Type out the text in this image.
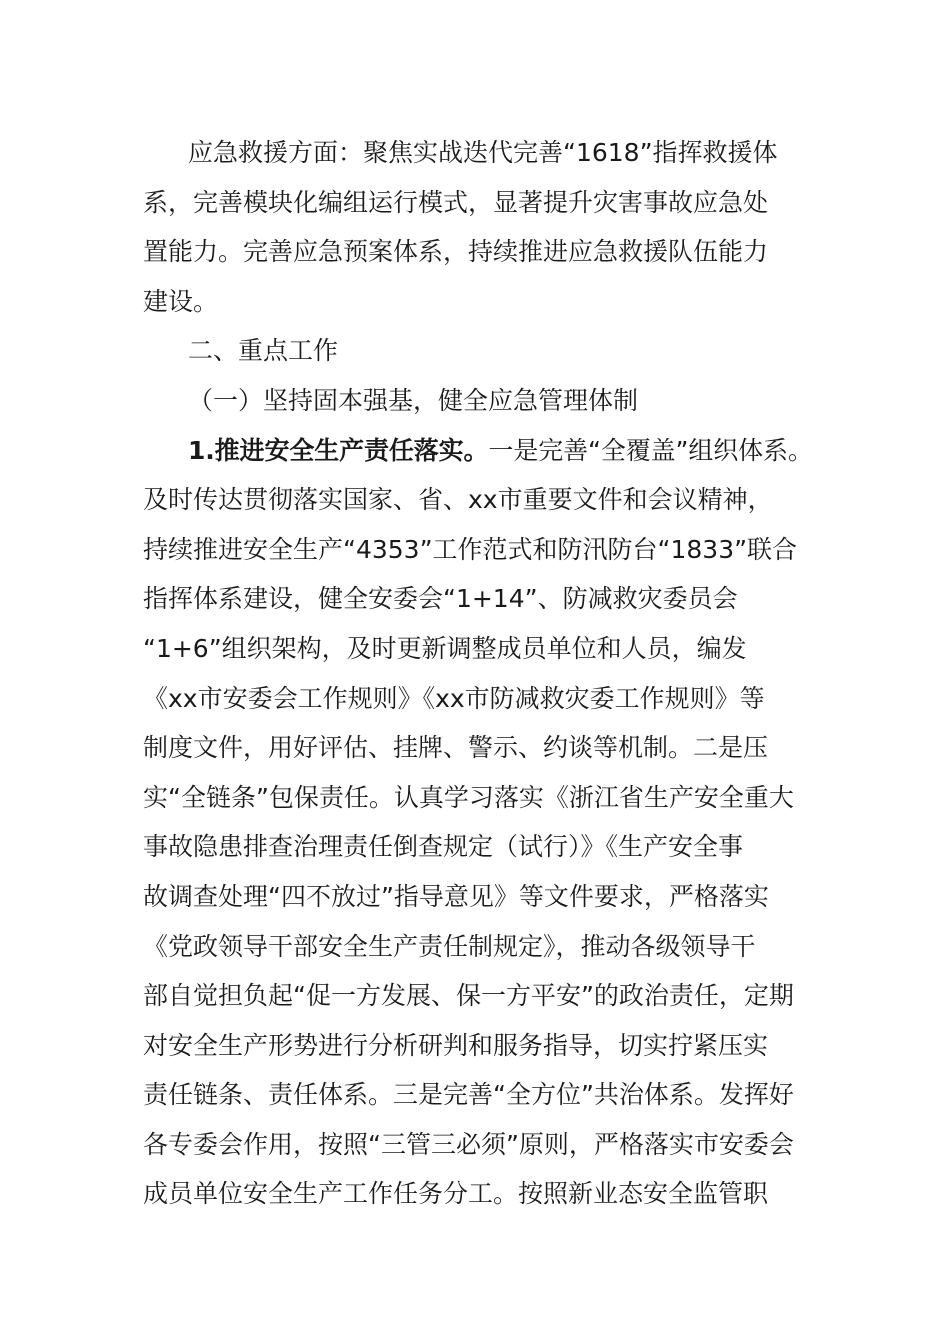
应急救援方面：聚焦实战迭代完善“1618”指挥救援体
系，完善模块化编组运行模式，显著提升灾害事故应急处
置能力。完善应急预案体系，持续推进应急救援队伍能力
建设。
二、重点工作
（一）坚持固本强基，健全应急管理体制
1.推进安全生产责任落实。一是完善“全覆盖”组织体系。
及时传达贯彻落实国家、省、xx市重要文件和会议精神，
持续推进安全生产“4353”工作范式和防汛防台“1833”联合
指挥体系建设，健全安委会“1+14”、防减救灾委员会
“1+6”组织架构，及时更新调整成员单位和人员，编发
《xx市安委会工作规则》《xx市防减救灾委工作规则》等
制度文件，用好评估、挂牌、警示、约谈等机制。二是压
实“全链条”包保责任。认真学习落实《浙江省生产安全重大
事故隐患排查治理责任倒查规定（试行）》《生产安全事
故调查处理“四不放过”指导意见》等文件要求，严格落实
《党政领导干部安全生产责任制规定》，推动各级领导干
部自觉担负起“促一方发展、保一方平安”的政治责任，定期
对安全生产形势进行分析研判和服务指导，切实拧紧压实
责任链条、责任体系。三是完善“全方位”共治体系。发挥好
各专委会作用，按照“三管三必须”原则，严格落实市安委会
成员单位安全生产工作任务分工。按照新业态安全监管职
